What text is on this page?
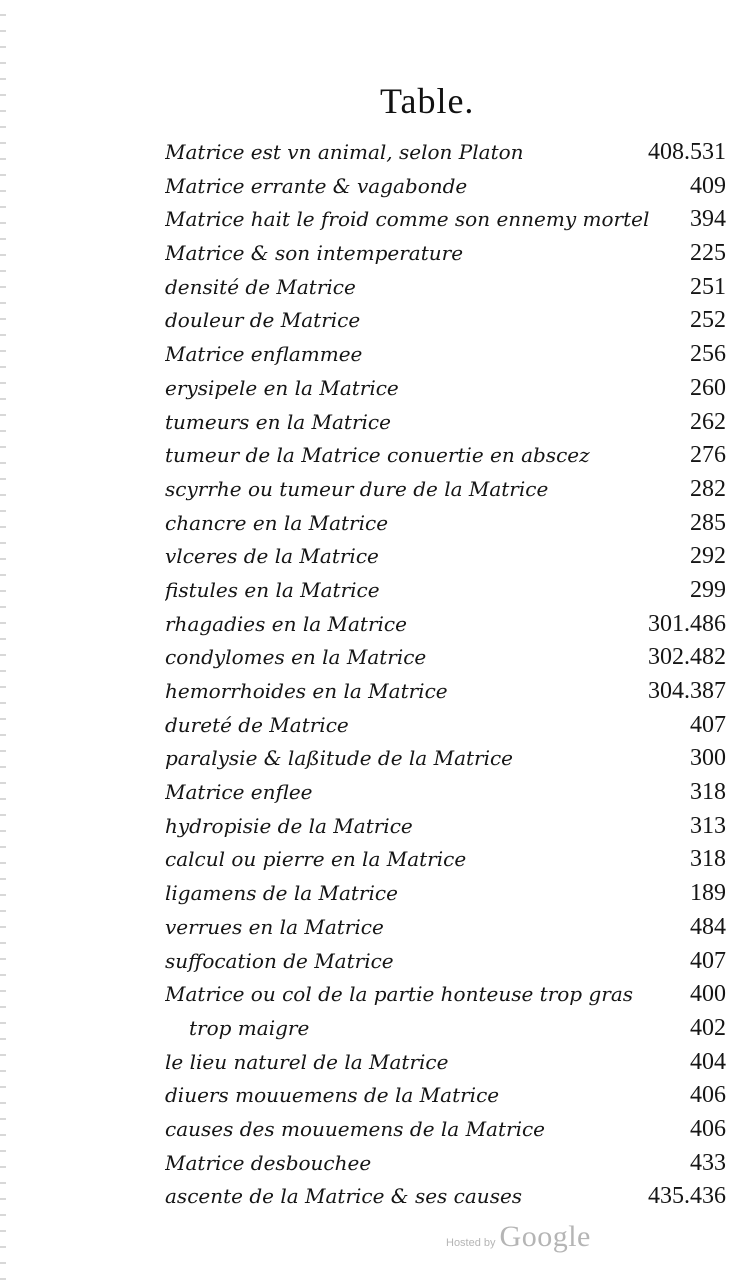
Table.
Matrice est vn animal, selon Platon	408.531
Matrice errante & vagabonde	409
Matrice hait le froid comme son ennemy mortel 394
Matrice & son intemperature	225
densité de Matrice	251
douleur de Matrice	252
Matrice enflammee	256
erysipele en la Matrice	260
tumeurs en la Matrice	262
tumeur de la Matrice conuertie en abscez	276
scyrrhe ou tumeur dure de la Matrice	282
chancre en la Matrice	285
vlceres de la Matrice	292
fistules en la Matrice	299
rhagadies en la Matrice	301.486
condylomes en la Matrice	302.482
hemorrhoides en la Matrice	304.387
dureté de Matrice	407
paralysie & laßitude de la Matrice	300
Matrice enflee	318
hydropisie de la Matrice	313
calcul ou pierre en la Matrice	318
ligamens de la Matrice	189
verrues en la Matrice	484
suffocation de Matrice	407
Matrice ou col de la partie honteuse trop gras 400
trop maigre	402
le lieu naturel de la Matrice	404
diuers mouuemens de la Matrice	406
causes des mouuemens de la Matrice	406
Matrice desbouchee	433
ascente de la Matrice & ses causes	435.436
Hosted by Google
